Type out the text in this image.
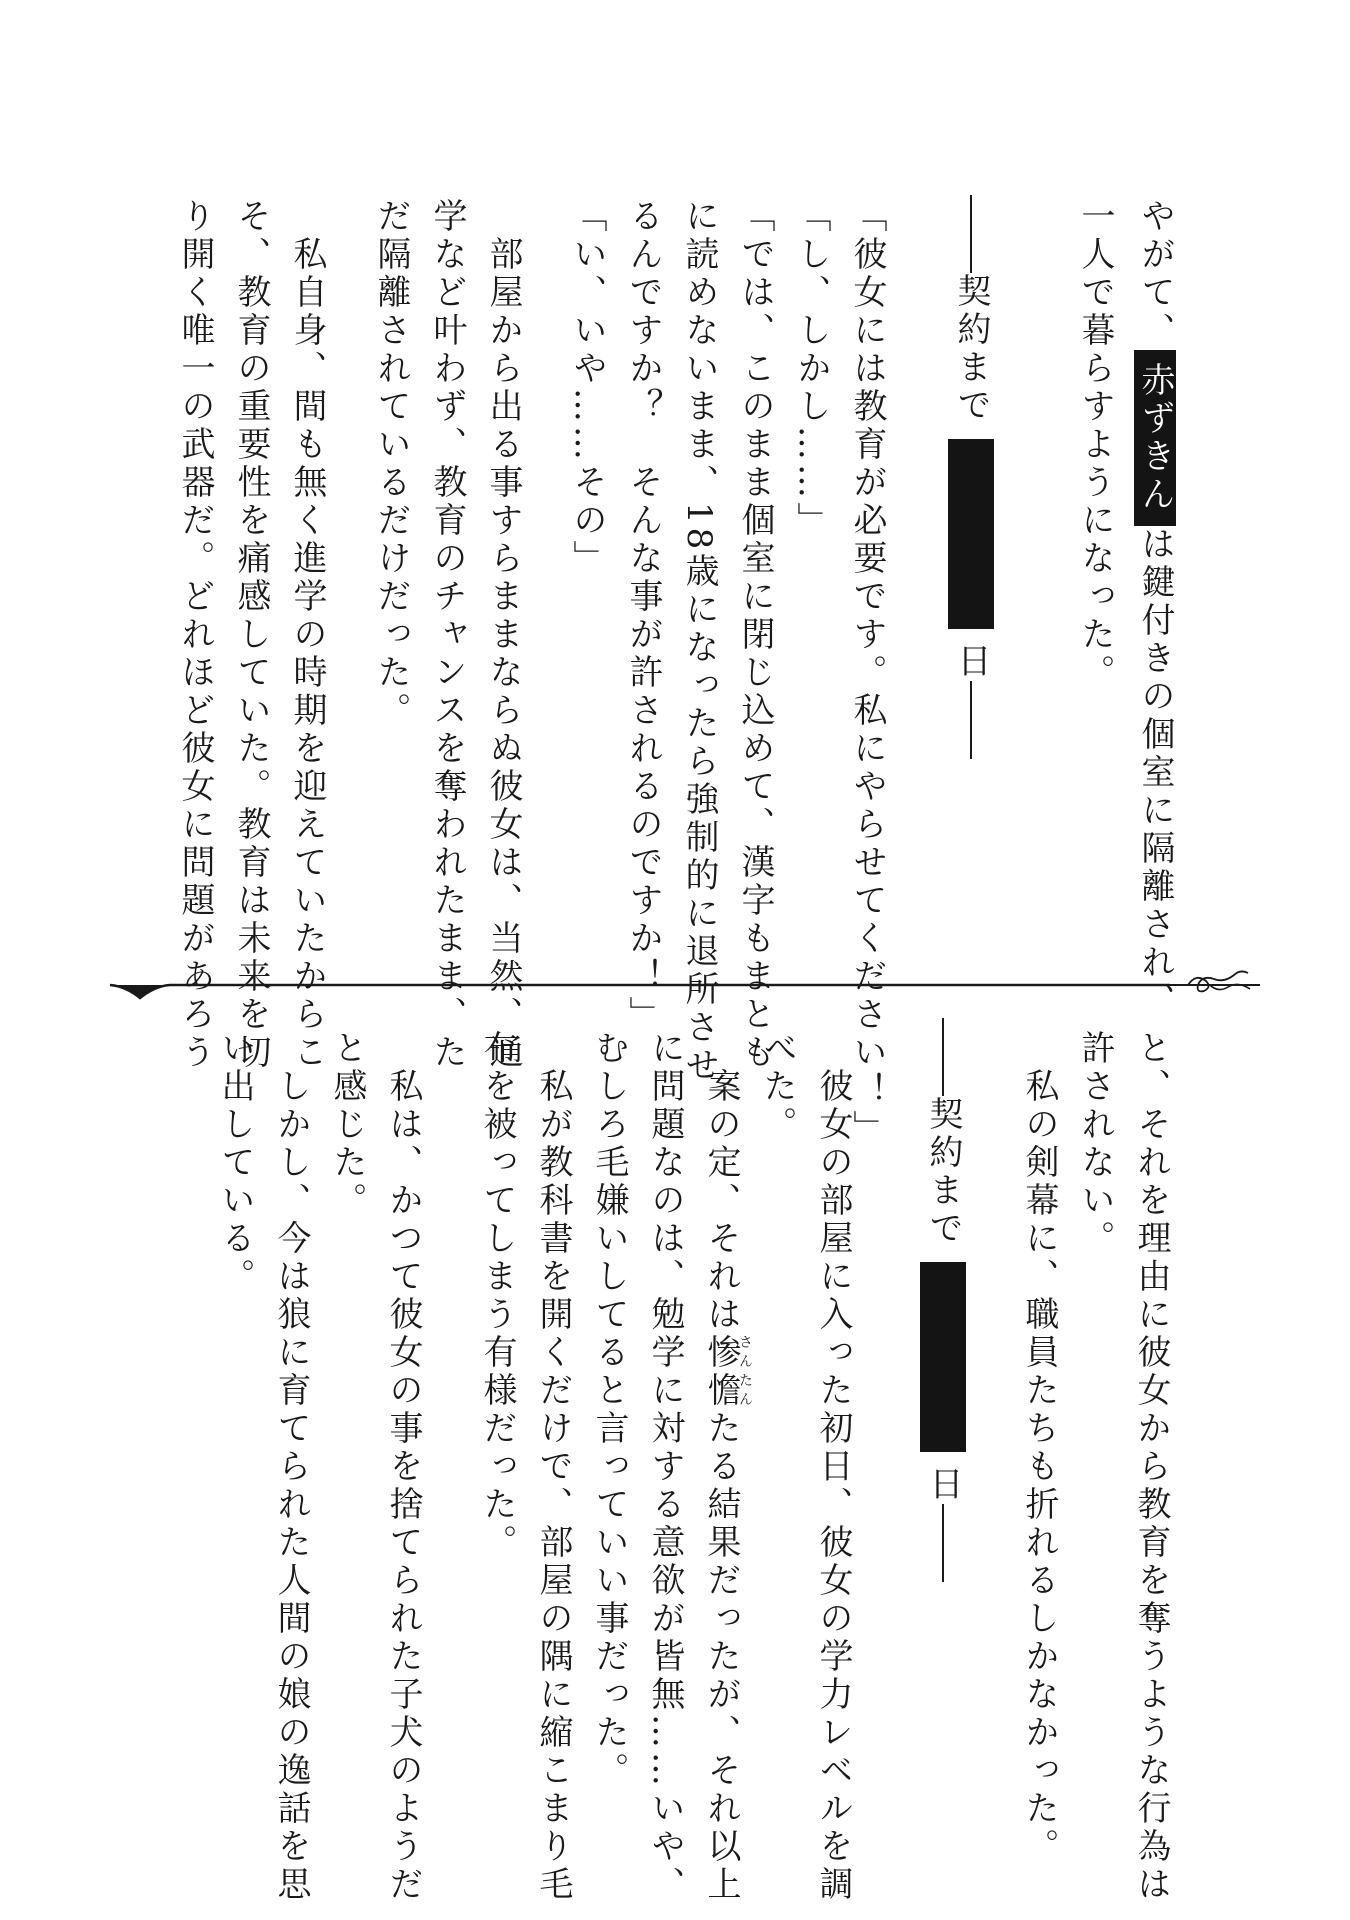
やがて、赤ずきんは鍵付きの個室に隔離され、
一人で暮らすようになった。
契約まで
日
「彼女には教育が必要です。私にやらせてください！」
「し、しかし……」
「では、このまま個室に閉じ込めて、漢字もまとも
に読めないまま、18歳になったら強制的に退所させ
るんですか？　そんな事が許されるのですか！」
「い、いや……その」
　部屋から出る事すらままならぬ彼女は、当然、通
学など叶わず、教育のチャンスを奪われたまま、た
だ隔離されているだけだった。
　私自身、間も無く進学の時期を迎えていたからこ
そ、教育の重要性を痛感していた。教育は未来を切
り開く唯一の武器だ。どれほど彼女に問題があろう
と、それを理由に彼女から教育を奪うような行為は
許されない。
　私の剣幕に、職員たちも折れるしかなかった。
契約まで
日
　彼女の部屋に入った初日、彼女の学力レベルを調
べた。
　案の定、それは惨憺さんたんたる結果だったが、それ以上
に問題なのは、勉学に対する意欲が皆無……いや、
むしろ毛嫌いしてると言っていい事だった。
　私が教科書を開くだけで、部屋の隅に縮こまり毛
布を被ってしまう有様だった。
　私は、かつて彼女の事を捨てられた子犬のようだ
と感じた。
　しかし、今は狼に育てられた人間の娘の逸話を思
い出している。
